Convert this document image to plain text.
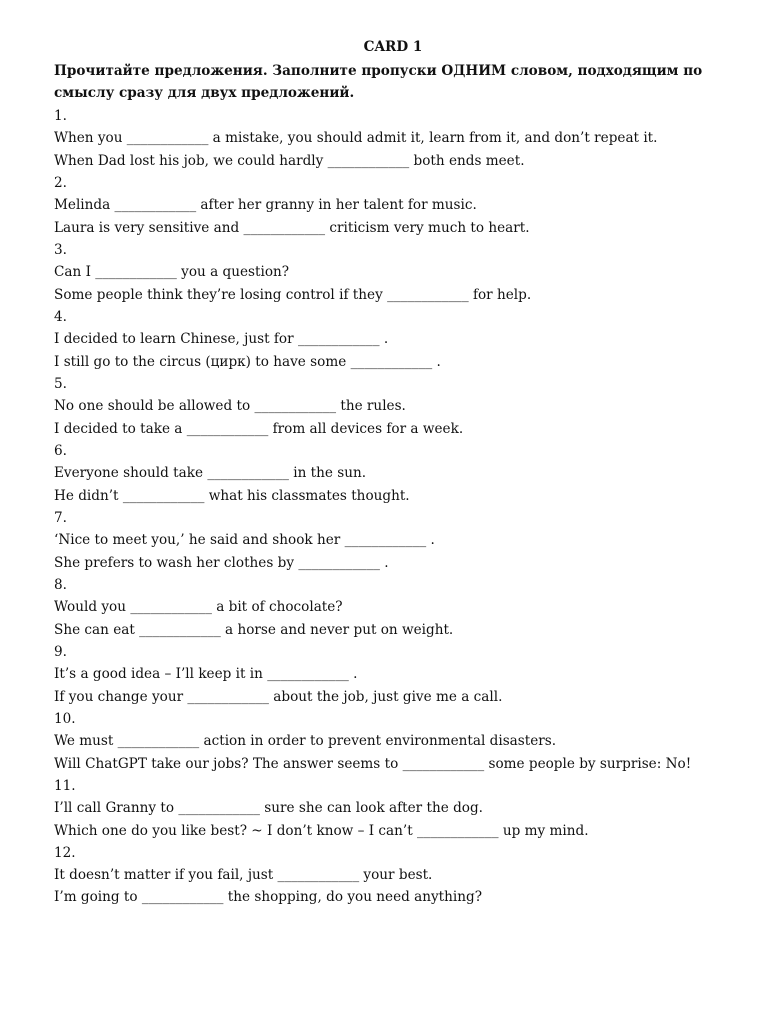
CARD 1
Прочитайте предложения. Заполните пропуски ОДНИМ словом, подходящим по смыслу сразу для двух предложений.
1.
When you ____________ a mistake, you should admit it, learn from it, and don’t repeat it.
When Dad lost his job, we could hardly ____________ both ends meet.
2.
Melinda ____________ after her granny in her talent for music.
Laura is very sensitive and ____________ criticism very much to heart.
3.
Can I ____________ you a question?
Some people think they’re losing control if they ____________ for help.
4.
I decided to learn Chinese, just for ____________ .
I still go to the circus (цирк) to have some ____________ .
5.
No one should be allowed to ____________ the rules.
I decided to take a ____________ from all devices for a week.
6.
Everyone should take ____________ in the sun.
He didn’t ____________ what his classmates thought.
7.
‘Nice to meet you,’ he said and shook her ____________ .
She prefers to wash her clothes by ____________ .
8.
Would you ____________ a bit of chocolate?
She can eat ____________ a horse and never put on weight.
9.
It’s a good idea – I’ll keep it in ____________ .
If you change your ____________ about the job, just give me a call.
10.
We must ____________ action in order to prevent environmental disasters.
Will ChatGPT take our jobs? The answer seems to ____________ some people by surprise: No!
11.
I’ll call Granny to ____________ sure she can look after the dog.
Which one do you like best? ~ I don’t know – I can’t ____________ up my mind.
12.
It doesn’t matter if you fail, just ____________ your best.
I’m going to ____________ the shopping, do you need anything?
